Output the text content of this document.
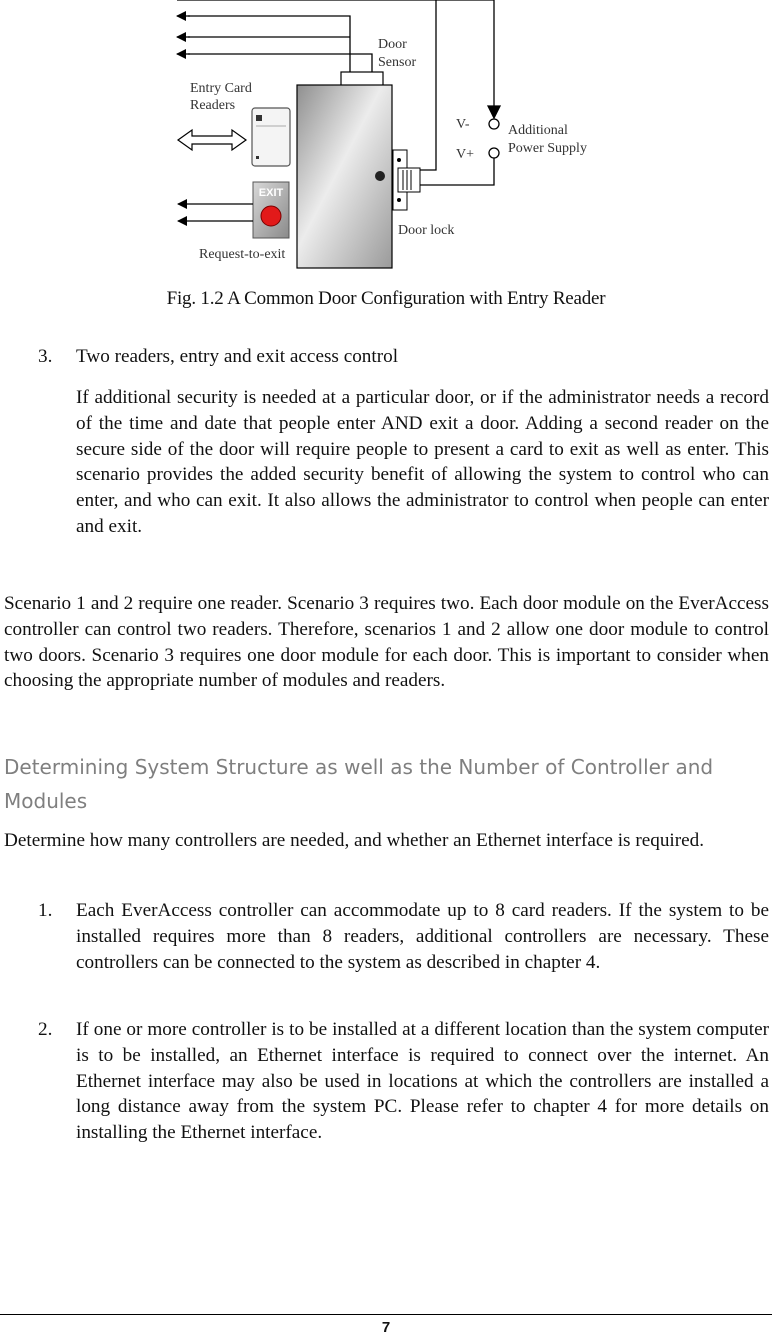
EXIT
Door
Sensor
Entry Card
Readers
V-
V+
Additional
Power Supply
Door lock
Request-to-exit
Fig. 1.2 A Common Door Configuration with Entry Reader
3. Two readers, entry and exit access control
If additional security is needed at a particular door, or if the administrator needs a record of the time and date that people enter AND exit a door. Adding a second reader on the secure side of the door will require people to present a card to exit as well as enter. This scenario provides the added security benefit of allowing the system to control who can enter, and who can exit. It also allows the administrator to control when people can enter and exit.
Scenario 1 and 2 require one reader. Scenario 3 requires two. Each door module on the EverAccess controller can control two readers. Therefore, scenarios 1 and 2 allow one door module to control two doors. Scenario 3 requires one door module for each door. This is important to consider when choosing the appropriate number of modules and readers.
Determining System Structure as well as the Number of Controller and Modules
Determine how many controllers are needed, and whether an Ethernet interface is required.
1. Each EverAccess controller can accommodate up to 8 card readers. If the system to be installed requires more than 8 readers, additional controllers are necessary. These controllers can be connected to the system as described in chapter 4.
2. If one or more controller is to be installed at a different location than the system computer is to be installed, an Ethernet interface is required to connect over the internet. An Ethernet interface may also be used in locations at which the controllers are installed a long distance away from the system PC. Please refer to chapter 4 for more details on installing the Ethernet interface.
7
